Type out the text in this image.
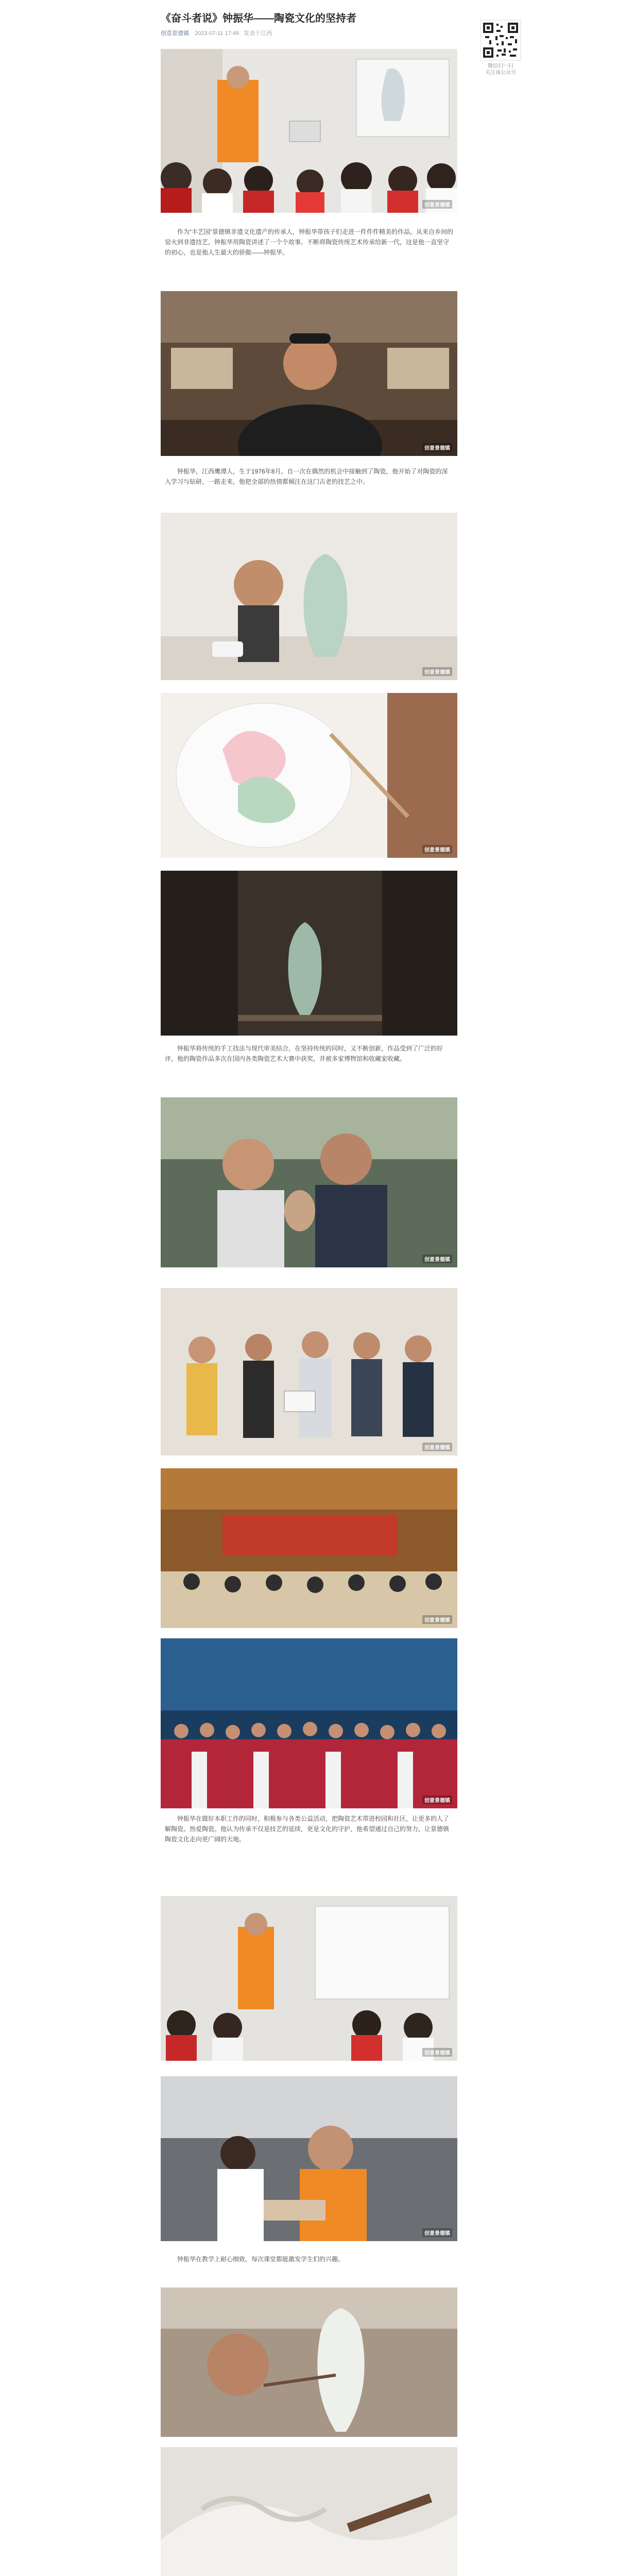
《奋斗者说》钟振华——陶瓷文化的坚持者
创意景德镇 2023-07-11 17:48 发表于江西
微信扫一扫
关注该公众号
创意景德镇

作为“丰艺国”景德镇非遗文化遗产的传承人，钟振华带孩子们走进一件件件精美的作品，从来自乡间的窑火到非遗技艺，钟振华用陶瓷讲述了一个个故事。不断将陶瓷传统艺术传承给新一代，这是他一直坚守的初心，也是他人生最大的骄傲——钟振华。

创意景德镇

钟振华，江西鹰潭人，生于1976年8月。自一次在偶然的机会中接触到了陶瓷，他开始了对陶瓷的深入学习与钻研，一路走来，他把全部的热情都倾注在这门古老的技艺之中。

创意景德镇
创意景德镇

钟振华将传统的手工技法与现代审美结合，在坚持传统的同时，又不断创新，作品受到了广泛的好评，他的陶瓷作品多次在国内各类陶瓷艺术大赛中获奖，并被多家博物馆和收藏家收藏。

创意景德镇
创意景德镇
创意景德镇
创意景德镇

钟振华在做好本职工作的同时，积极参与各类公益活动，把陶瓷艺术带进校园和社区，让更多的人了解陶瓷、热爱陶瓷。他认为传承不仅是技艺的延续，更是文化的守护，他希望通过自己的努力，让景德镇陶瓷文化走向更广阔的天地。

创意景德镇
创意景德镇

钟振华在教学上耐心细致，每次课堂都能激发学生们的兴趣。
